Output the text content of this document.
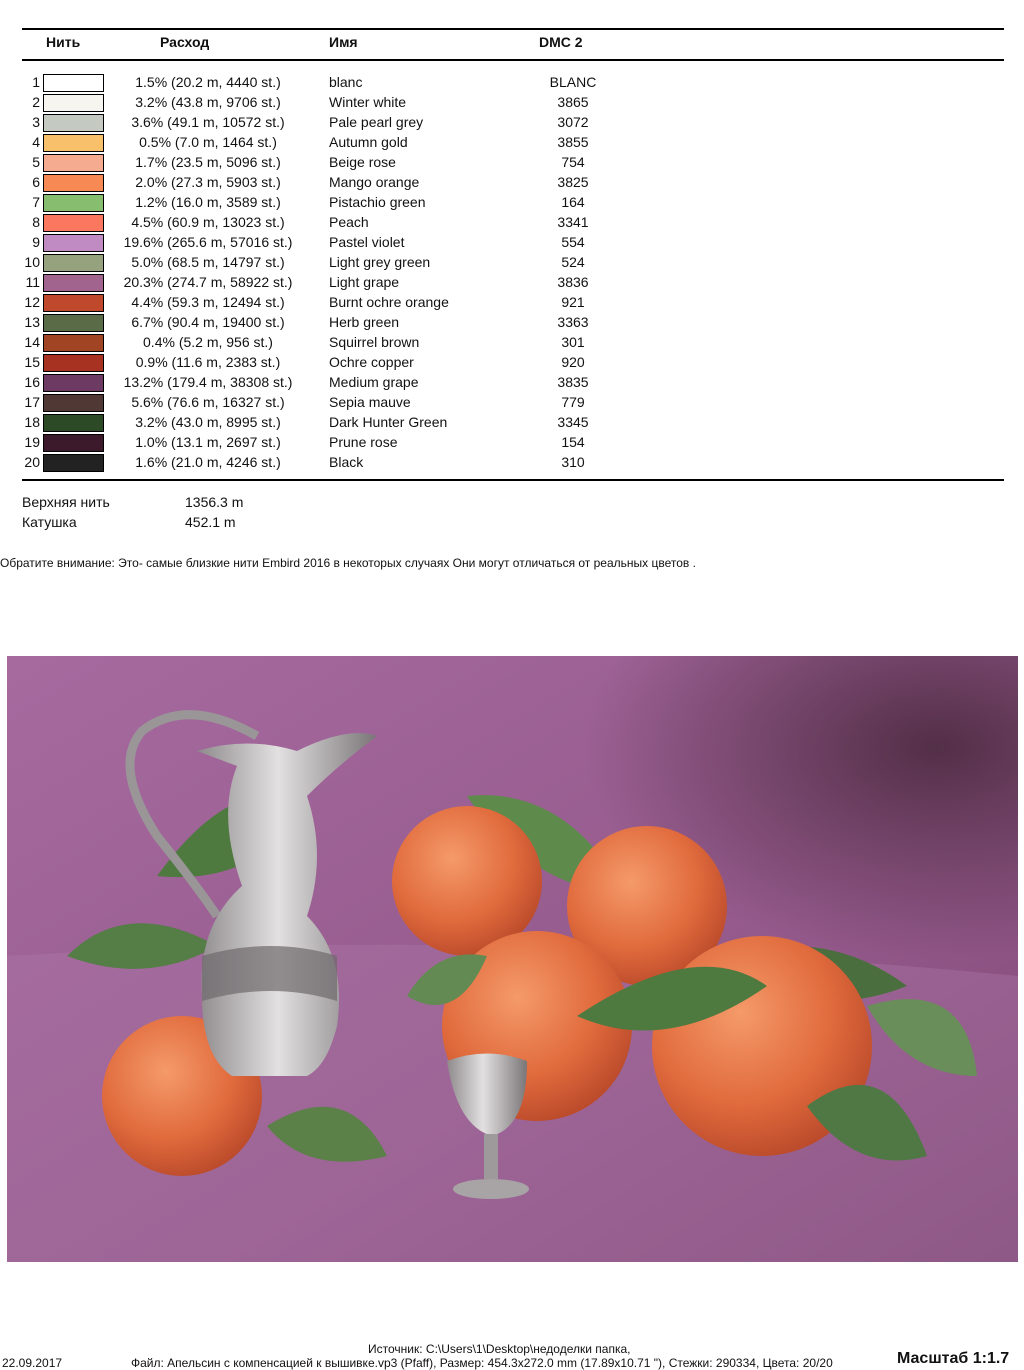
Нить	Расход	Имя	DMC 2
1	1.5% (20.2 m, 4440 st.)	blanc	BLANC
2	3.2% (43.8 m, 9706 st.)	Winter white	3865
3	3.6% (49.1 m, 10572 st.)	Pale pearl grey	3072
4	0.5% (7.0 m, 1464 st.)	Autumn gold	3855
5	1.7% (23.5 m, 5096 st.)	Beige rose	754
6	2.0% (27.3 m, 5903 st.)	Mango orange	3825
7	1.2% (16.0 m, 3589 st.)	Pistachio green	164
8	4.5% (60.9 m, 13023 st.)	Peach	3341
9	19.6% (265.6 m, 57016 st.)	Pastel violet	554
10	5.0% (68.5 m, 14797 st.)	Light grey green	524
11	20.3% (274.7 m, 58922 st.)	Light grape	3836
12	4.4% (59.3 m, 12494 st.)	Burnt ochre orange	921
13	6.7% (90.4 m, 19400 st.)	Herb green	3363
14	0.4% (5.2 m, 956 st.)	Squirrel brown	301
15	0.9% (11.6 m, 2383 st.)	Ochre copper	920
16	13.2% (179.4 m, 38308 st.)	Medium grape	3835
17	5.6% (76.6 m, 16327 st.)	Sepia mauve	779
18	3.2% (43.0 m, 8995 st.)	Dark Hunter Green	3345
19	1.0% (13.1 m, 2697 st.)	Prune rose	154
20	1.6% (21.0 m, 4246 st.)	Black	310
Верхняя нить	1356.3 m
Катушка	452.1 m
Обратите внимание: Это- самые близкие нити Embird 2016 в некоторых случаях Они могут отличаться от реальных цветов .
Источник: C:\Users\1\Desktop\недоделки папка,
22.09.2017	Файл: Апельсин с компенсацией к вышивке.vp3 (Pfaff), Размер: 454.3x272.0 mm (17.89x10.71 "), Стежки: 290334, Цвета: 20/20	Масштаб 1:1.7
